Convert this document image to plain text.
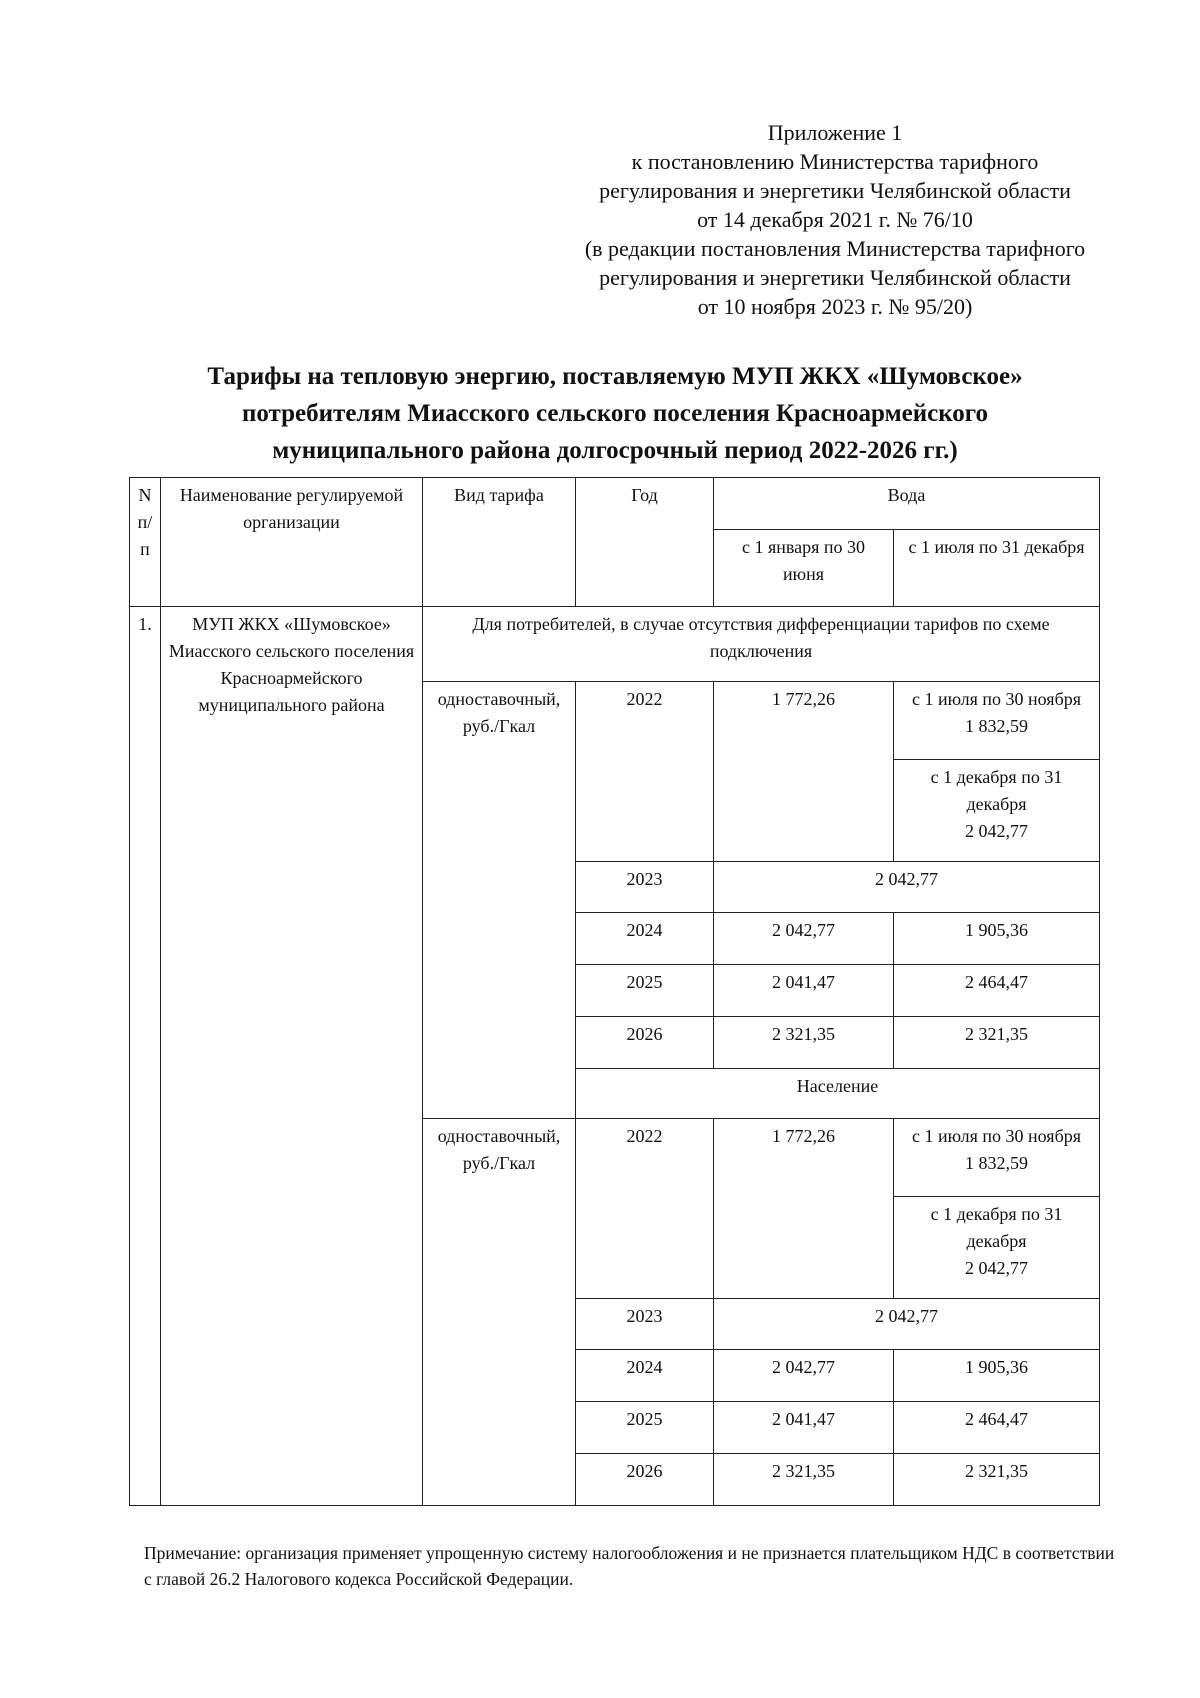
Приложение 1
к постановлению Министерства тарифного
регулирования и энергетики Челябинской области
от 14 декабря 2021 г. № 76/10
(в редакции постановления Министерства тарифного
регулирования и энергетики Челябинской области
от 10 ноября 2023 г. № 95/20)
Тарифы на тепловую энергию, поставляемую МУП ЖКХ «Шумовское»
потребителям Миасского сельского поселения Красноармейского
муниципального района долгосрочный период 2022-2026 гг.)
N п/п	Наименование регулируемой организации	Вид тарифа	Год	Вода	
				с 1 января по 30 июня	с 1 июля по 31 декабря
1.	МУП ЖКХ «Шумовское» Миасского сельского поселения Красноармейского муниципального района	Для потребителей, в случае отсутствия дифференциации тарифов по схеме подключения			
		одноставочный, руб./Гкал	2022	1 772,26	с 1 июля по 30 ноября
1 832,59

					с 1 декабря по 31 декабря
2 042,77

			2023	2 042,77	
			2024	2 042,77	1 905,36
			2025	2 041,47	2 464,47
			2026	2 321,35	2 321,35
			Население		
		одноставочный, руб./Гкал	2022	1 772,26	с 1 июля по 30 ноября
1 832,59

					с 1 декабря по 31 декабря
2 042,77

			2023	2 042,77	
			2024	2 042,77	1 905,36
			2025	2 041,47	2 464,47
			2026	2 321,35	2 321,35
Примечание: организация применяет упрощенную систему налогообложения и не признается плательщиком НДС в соответствии с главой 26.2 Налогового кодекса Российской Федерации.
